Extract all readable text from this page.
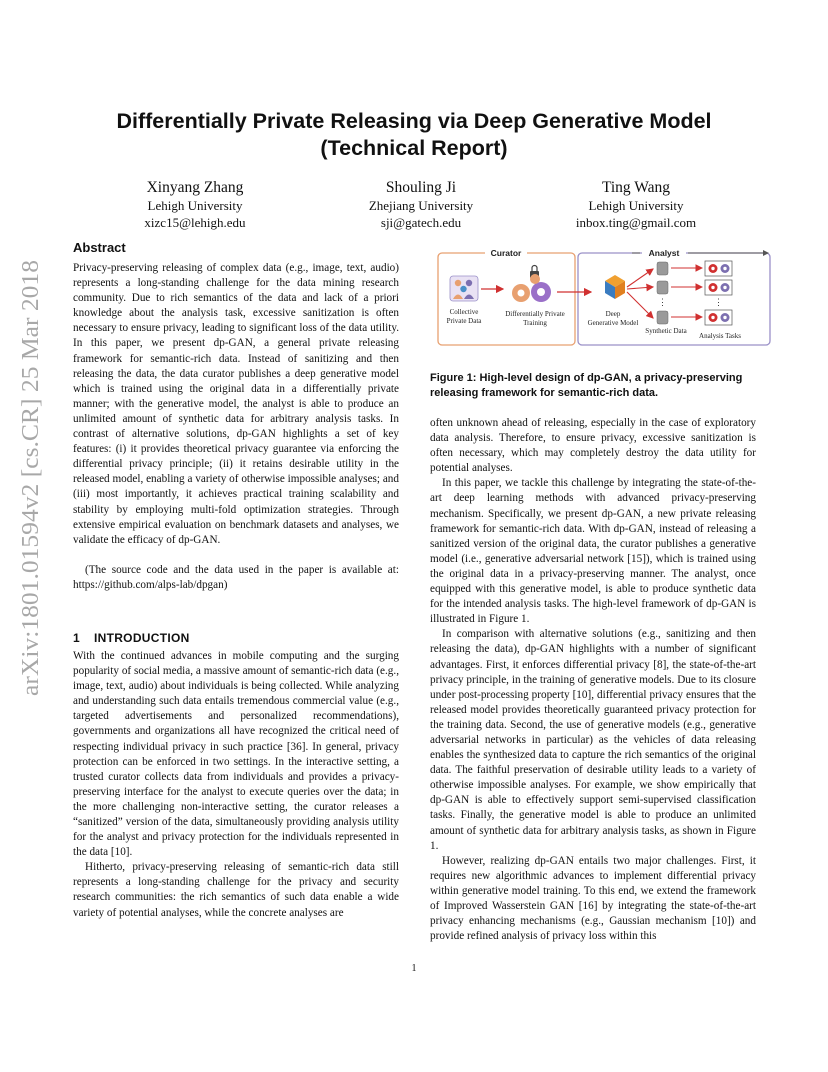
arXiv:1801.01594v2 [cs.CR] 25 Mar 2018
Differentially Private Releasing via Deep Generative Model
(Technical Report)
Xinyang Zhang
Lehigh University
xizc15@lehigh.edu
Shouling Ji
Zhejiang University
sji@gatech.edu
Ting Wang
Lehigh University
inbox.ting@gmail.com
Abstract

Privacy-preserving releasing of complex data (e.g., image, text, audio) represents a long-standing challenge for the data mining research community. Due to rich semantics of the data and lack of a priori knowledge about the analysis task, excessive sanitization is often necessary to ensure privacy, leading to significant loss of the data utility. In this paper, we present dp-GAN, a general private releasing framework for semantic-rich data. Instead of sanitizing and then releasing the data, the data curator publishes a deep generative model which is trained using the original data in a differentially private manner; with the generative model, the analyst is able to produce an unlimited amount of synthetic data for arbitrary analysis tasks. In contrast of alternative solutions, dp-GAN highlights a set of key features: (i) it provides theoretical privacy guarantee via enforcing the differential privacy principle; (ii) it retains desirable utility in the released model, enabling a variety of otherwise impossible analyses; and (iii) most importantly, it achieves practical training scalability and stability by employing multi-fold optimization strategies. Through extensive empirical evaluation on benchmark datasets and analyses, we validate the efficacy of dp-GAN.

(The source code and the data used in the paper is available at: https://github.com/alps-lab/dpgan)

1 INTRODUCTION

With the continued advances in mobile computing and the surging popularity of social media, a massive amount of semantic-rich data (e.g., image, text, audio) about individuals is being collected. While analyzing and understanding such data entails tremendous commercial value (e.g., targeted advertisements and personalized recommendations), governments and organizations all have recognized the critical need of respecting individual privacy in such practice [36]. In general, privacy protection can be enforced in two settings. In the interactive setting, a trusted curator collects data from individuals and provides a privacy-preserving interface for the analyst to execute queries over the data; in the more challenging non-interactive setting, the curator releases a “sanitized” version of the data, simultaneously providing analysis utility for the analyst and privacy protection for the individuals represented in the data [10].

Hitherto, privacy-preserving releasing of semantic-rich data still represents a long-standing challenge for the privacy and security research communities: the rich semantics of such data enable a wide variety of potential analyses, while the concrete analyses are

Curator	Analyst
Collective
Private Data
Differentially Private
Training
Deep
Generative Model
⋮	⋮
Synthetic Data
Analysis Tasks
Figure 1: High-level design of dp-GAN, a privacy-preserving releasing framework for semantic-rich data.

often unknown ahead of releasing, especially in the case of exploratory data analysis. Therefore, to ensure privacy, excessive sanitization is often necessary, which may completely destroy the data utility for potential analyses.

In this paper, we tackle this challenge by integrating the state-of-the-art deep learning methods with advanced privacy-preserving mechanism. Specifically, we present dp-GAN, a new private releasing framework for semantic-rich data. With dp-GAN, instead of releasing a sanitized version of the original data, the curator publishes a generative model (i.e., generative adversarial network [15]), which is trained using the original data in a privacy-preserving manner. The analyst, once equipped with this generative model, is able to produce synthetic data for the intended analysis tasks. The high-level framework of dp-GAN is illustrated in Figure 1.

In comparison with alternative solutions (e.g., sanitizing and then releasing the data), dp-GAN highlights with a number of significant advantages. First, it enforces differential privacy [8], the state-of-the-art privacy principle, in the training of generative models. Due to its closure under post-processing property [10], differential privacy ensures that the released model provides theoretically guaranteed privacy protection for the training data. Second, the use of generative models (e.g., generative adversarial networks in particular) as the vehicles of data releasing enables the synthesized data to capture the rich semantics of the original data. The faithful preservation of desirable utility leads to a variety of otherwise impossible analyses. For example, we show empirically that dp-GAN is able to effectively support semi-supervised classification tasks. Finally, the generative model is able to produce an unlimited amount of synthetic data for arbitrary analysis tasks, as shown in Figure 1.

However, realizing dp-GAN entails two major challenges. First, it requires new algorithmic advances to implement differential privacy within generative model training. To this end, we extend the framework of Improved Wasserstein GAN [16] by integrating the state-of-the-art privacy enhancing mechanisms (e.g., Gaussian mechanism [10]) and provide refined analysis of privacy loss within this

1
